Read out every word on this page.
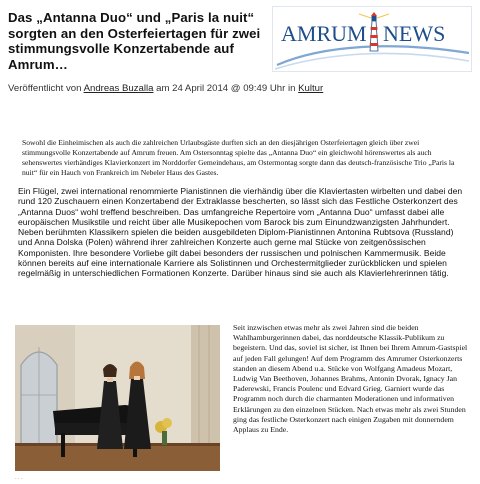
Das „Antanna Duo“ und „Paris la nuit“ sorgten an den Osterfeiertagen für zwei stimmungsvolle Konzertabende auf Amrum…
AMRUM NEWS
Veröffentlicht von Andreas Buzalla am 24 April 2014 @ 09:49 Uhr in Kultur

Sowohl die Einheimischen als auch die zahlreichen Urlaubsgäste durften sich an den diesjährigen Osterfeiertagen gleich über zwei stimmungsvolle Konzertabende auf Amrum freuen. Am Ostersonntag spielte das „Antanna Duo“ ein gleichwohl hörenswertes als auch sehenswertes vierhändiges Klavierkonzert im Norddorfer Gemeindehaus, am Ostermontag sorgte dann das deutsch-französische Trio „Paris la nuit“ für ein Hauch von Frankreich im Nebeler Haus des Gastes.

Ein Flügel, zwei international renommierte Pianistinnen die vierhändig über die Klaviertasten wirbelten und dabei den rund 120 Zuschauern einen Konzertabend der Extraklasse bescherten, so lässt sich das Festliche Osterkonzert des „Antanna Duos“ wohl treffend beschreiben. Das umfangreiche Repertoire vom „Antanna Duo“ umfasst dabei alle europäischen Musikstile und reicht über alle Musikepochen vom Barock bis zum Einundzwanzigsten Jahrhundert. Neben berühmten Klassikern spielen die beiden ausgebildeten Diplom-Pianistinnen Antonina Rubtsova (Russland) und Anna Dolska (Polen) während ihrer zahlreichen Konzerte auch gerne mal Stücke von zeitgenössischen Komponisten. Ihre besondere Vorliebe gilt dabei besonders der russischen und polnischen Kammermusik. Beide können bereits auf eine internationale Karriere als Solistinnen und Orchestermitglieder zurückblicken und spielen regelmäßig in unterschiedlichen Formationen Konzerte. Darüber hinaus sind sie auch als Klavierlehrerinnen tätig.

Seit inzwischen etwas mehr als zwei Jahren sind die beiden Wahlhamburgerinnen dabei, das norddeutsche Klassik-Publikum zu begeistern. Und das, soviel ist sicher, ist Ihnen bei Ihrem Amrum-Gastspiel auf jeden Fall gelungen! Auf dem Programm des Amrumer Osterkonzerts standen an diesem Abend u.a. Stücke von Wolfgang Amadeus Mozart, Ludwig Van Beethoven, Johannes Brahms, Antonin Dvorak, Ignacy Jan Paderewski, Francis Poulenc und Edvard Grieg. Garniert wurde das Programm noch durch die charmanten Moderationen und informativen Erklärungen zu den einzelnen Stücken. Nach etwas mehr als zwei Stunden ging das festliche Osterkonzert nach einigen Zugaben mit donnerndem Applaus zu Ende.

· · ·
